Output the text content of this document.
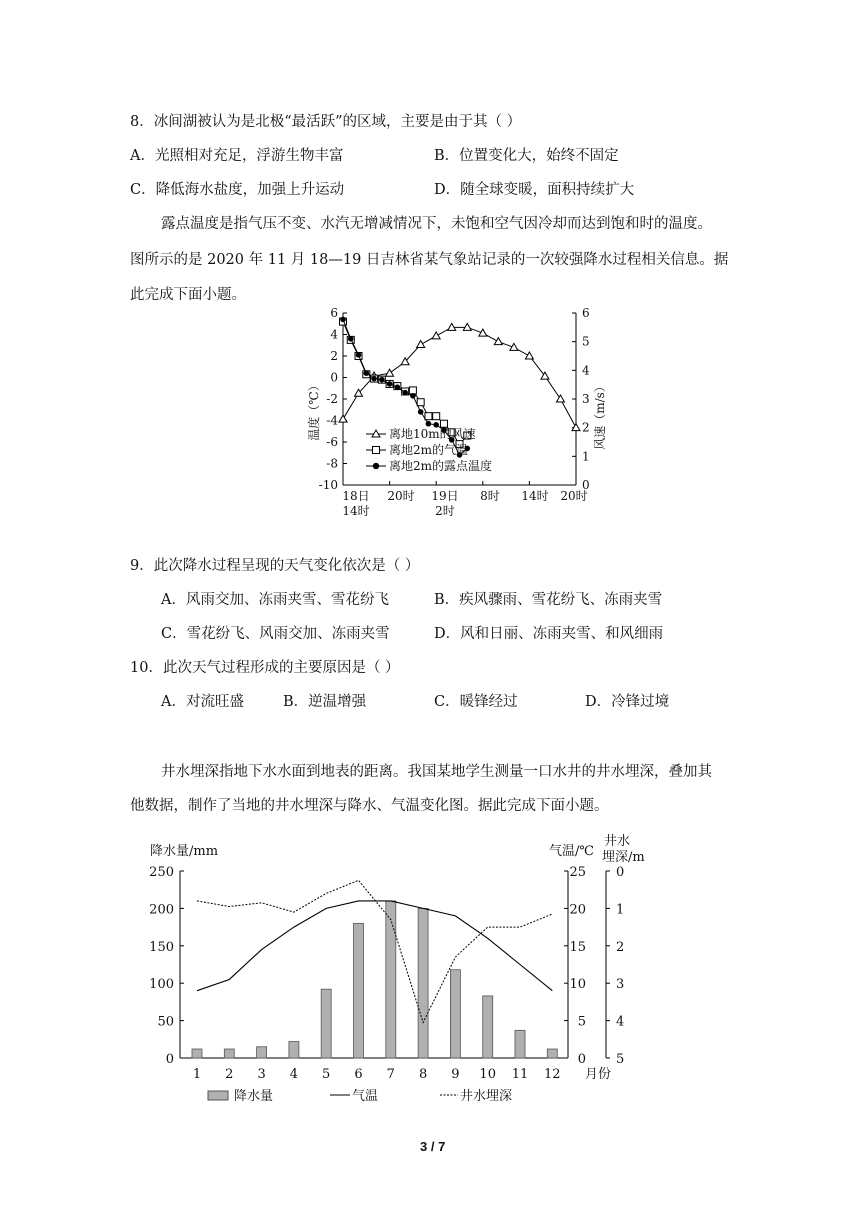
8．冰间湖被认为是北极“最活跃”的区域，主要是由于其（ ）
A．光照相对充足，浮游生物丰富	B．位置变化大，始终不固定
C．降低海水盐度，加强上升运动	D．随全球变暖，面积持续扩大
露点温度是指气压不变、水汽无增减情况下，未饱和空气因冷却而达到饱和时的温度。
图所示的是 2020 年 11 月 18—19 日吉林省某气象站记录的一次较强降水过程相关信息。据
此完成下面小题。
-10
-8
-6
-4
-2
0
2
4
6
0
1
2
3
4
5
6
温度（℃）	风速（m/s）
离地10m的风速
离地2m的气温
离地2m的露点温度
18日
14时
20时 19日
2时
8时 14时 20时
9．此次降水过程呈现的天气变化依次是（ ）
A．风雨交加、冻雨夹雪、雪花纷飞	B．疾风骤雨、雪花纷飞、冻雨夹雪
C．雪花纷飞、风雨交加、冻雨夹雪	D．风和日丽、冻雨夹雪、和风细雨
10．此次天气过程形成的主要原因是（ ）
A．对流旺盛	B．逆温增强	C．暖锋经过	D．冷锋过境
井水埋深指地下水水面到地表的距离。我国某地学生测量一口水井的井水埋深，叠加其
他数据，制作了当地的井水埋深与降水、气温变化图。据此完成下面小题。
降水量/mm	气温/℃
井水
埋深/m
0
50
100
150
200
250
0
5
10
15
20
25 0
1
2
3
4
5
1 2 3 4 5 6 7 8 9 10 11 12 月份
降水量	气温	井水埋深
3 / 7
